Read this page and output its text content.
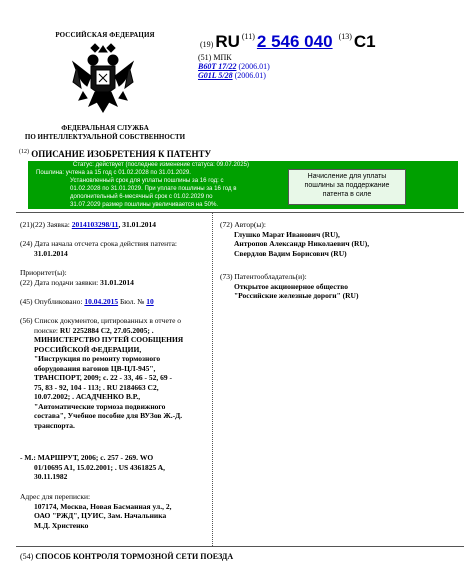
РОССИЙСКАЯ ФЕДЕРАЦИЯ
ФЕДЕРАЛЬНАЯ СЛУЖБА
ПО ИНТЕЛЛЕКТУАЛЬНОЙ СОБСТВЕННОСТИ
(19) RU (11) 2 546 040 (13) C1
(51) МПК
B60T 17/22 (2006.01)
G01L 5/28 (2006.01)
$^{(12)}$ ОПИСАНИЕ ИЗОБРЕТЕНИЯ К ПАТЕНТУ
Статус: действует (последнее изменение статуса: 09.07.2025)
Пошлина: учтена за 15 год с 01.02.2028 по 31.01.2029.
Установленный срок для уплаты пошлины за 16 год: с
01.02.2028 по 31.01.2029. При уплате пошлины за 16 год в
дополнительный 6-месячный срок с 01.02.2029 по
31.07.2029 размер пошлины увеличивается на 50%.
Начисление для уплаты
пошлины за поддержание
патента в силе
(21)(22) Заявка: 2014103298/11, 31.01.2014
(24) Дата начала отсчета срока действия патента:
31.01.2014
Приоритет(ы):
(22) Дата подачи заявки: 31.01.2014
(45) Опубликовано: 10.04.2015 Бюл. № 10
(56) Список документов, цитированных в отчете о
поиске: RU 2252884 C2, 27.05.2005; .
МИНИСТЕРСТВО ПУТЕЙ СООБЩЕНИЯ
РОССИЙСКОЙ ФЕДЕРАЦИИ,
"Инструкция по ремонту тормозного
оборудования вагонов ЦВ-ЦЛ-945",
ТРАНСПОРТ, 2009; с. 22 - 33, 46 - 52, 69 -
75, 83 - 92, 104 - 113; . RU 2184663 C2,
10.07.2002; . АСАДЧЕНКО В.Р.,
"Автоматические тормоза подвижного
состава", Учебное пособие для ВУЗов Ж.-Д.
транспорта.
- М.: МАРШРУТ, 2006; с. 257 - 269. WO
01/10695 A1, 15.02.2001; . US 4361825 A,
30.11.1982
Адрес для переписки:
107174, Москва, Новая Басманная ул., 2,
ОАО "РЖД", ЦУИС, Зам. Начальника
М.Д. Христенко
(72) Автор(ы):
Глушко Марат Иванович (RU),
Антропов Александр Николаевич (RU),
Свердлов Вадим Борисович (RU)
(73) Патентообладатель(и):
Открытое акционерное общество
"Российские железные дороги" (RU)
(54) СПОСОБ КОНТРОЛЯ ТОРМОЗНОЙ СЕТИ ПОЕЗДА
